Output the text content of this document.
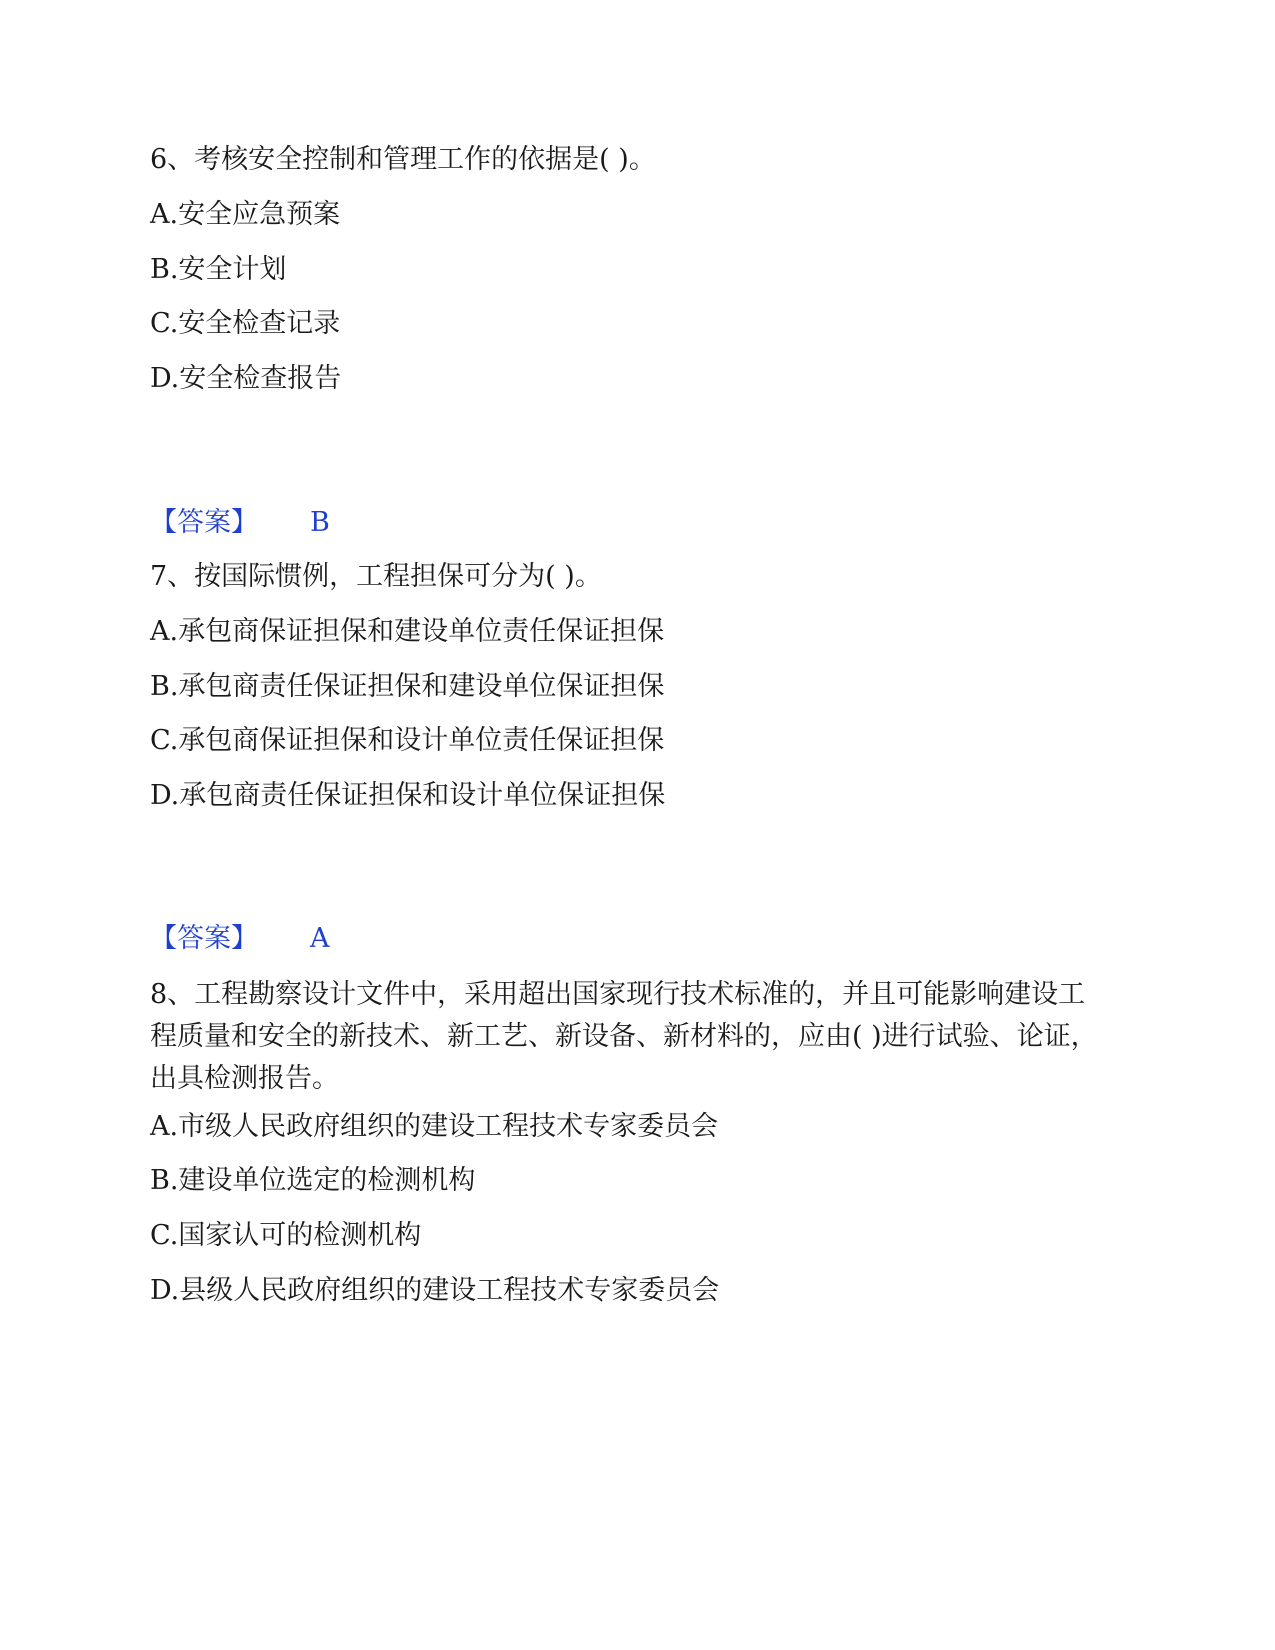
6、考核安全控制和管理工作的依据是( )。
A.安全应急预案
B.安全计划
C.安全检查记录
D.安全检查报告
【答案】 B
7、按国际惯例，工程担保可分为( )。
A.承包商保证担保和建设单位责任保证担保
B.承包商责任保证担保和建设单位保证担保
C.承包商保证担保和设计单位责任保证担保
D.承包商责任保证担保和设计单位保证担保
【答案】 A
8、工程勘察设计文件中，采用超出国家现行技术标准的，并且可能影响建设工程质量和安全的新技术、新工艺、新设备、新材料的，应由( )进行试验、论证，出具检测报告。
A.市级人民政府组织的建设工程技术专家委员会
B.建设单位选定的检测机构
C.国家认可的检测机构
D.县级人民政府组织的建设工程技术专家委员会
